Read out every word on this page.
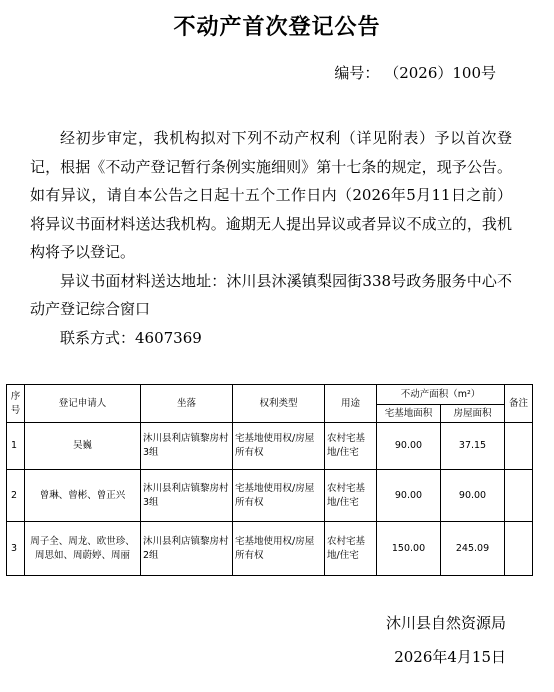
不动产首次登记公告
编号： （2026）100号

经初步审定，我机构拟对下列不动产权利（详见附表）予以首次登记，根据《不动产登记暂行条例实施细则》第十七条的规定，现予公告。如有异议，请自本公告之日起十五个工作日内（2026年5月11日之前）将异议书面材料送达我机构。逾期无人提出异议或者异议不成立的，我机构将予以登记。

异议书面材料送达地址：沐川县沐溪镇梨园街338号政务服务中心不动产登记综合窗口

联系方式：4607369

序号	登记申请人	坐落	权利类型	用途	不动产面积（m²）		备注
					宅基地面积	房屋面积	
1	吴巍	沐川县利店镇黎房村3组	宅基地使用权/房屋所有权	农村宅基地/住宅	90.00	37.15	
2	曾琳、曾彬、曾正兴	沐川县利店镇黎房村3组	宅基地使用权/房屋所有权	农村宅基地/住宅	90.00	90.00	
3	周子全、周龙、欧世珍、周思如、周蔚婷、周丽	沐川县利店镇黎房村2组	宅基地使用权/房屋所有权	农村宅基地/住宅	150.00	245.09	
沐川县自然资源局
2026年4月15日
